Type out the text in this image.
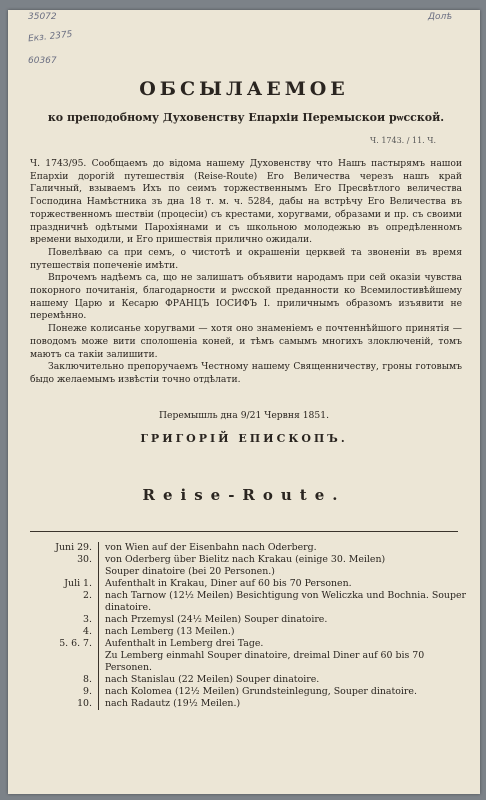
35072
Екз. 2375
60367
Долѣ
ОБСЫЛАЕМОЕ
ко преподобному Духовенству Епархіи Перемыскои рѡсской.
Ч. 1743. / 11. Ч.

Ч. 1743/95. Сообщаемъ до відома нашему Духовенству что Нашъ пастырямъ нашои Епархіи дорогій путешествія (Reise-Route) Его Величества черезъ нашъ край Галичный, взываемъ Ихъ по сеимъ торжественнымъ Его Пресвѣтлого величества Господина Намѣстника зъ дна 18 т. м. ч. 5284, дабы на встрѣчу Его Величества въ торжественномъ шествіи (процесіи) съ крестами, хоругвами, образами и пр. съ своими праздничнѣ одѣтыми Парохіянами и съ школьною молодежью въ опредѣленномъ времени выходили, и Его пришествія прилично ожидали.

Повелѣваю са при семъ, о чистотѣ и окрашеніи церквей та звоненіи въ время путешествія попеченіе имѣти.

Впрочемъ надѣемъ са, що не залишатъ объявити народамъ при сей оказіи чувства покорного почитанія, благодарности и рѡсской преданности ко Всемилостивѣйшему нашему Царю и Кесарю ФРАНЦЪ ІОСИФЪ І. приличнымъ образомъ изъявити не перемѣнно.

Понеже колисанье хоругвами — хотя оно знаменіемъ е почтеннѣйшого принятія — поводомъ може вити сполошеніа коней, и тѣмъ самымъ многихъ злоключеній, томъ маютъ са такіи залишити.

Заключительно препоручаемъ Честному нашему Священничеству, гроны готовымъ быдо желаемымъ извѣстіи точно отдѣлати.

Перемышль дна 9/21 Червня 1851.
ГРИГОРІЙ ЕПИСКОПЪ.
Reise-Route.
Juni 29.	von Wien auf der Eisenbahn nach Oderberg.
30.	von Oderberg über Bielitz nach Krakau (einige 30. Meilen)
	Souper dinatoire (bei 20 Personen.)
Juli 1.	Aufenthalt in Krakau, Diner auf 60 bis 70 Personen.
2.	nach Tarnow (12½ Meilen) Besichtigung von Weliczka und Bochnia. Souper dinatoire.
3.	nach Przemysl (24½ Meilen) Souper dinatoire.
4.	nach Lemberg (13 Meilen.)
5. 6. 7.	Aufenthalt in Lemberg drei Tage.
	Zu Lemberg einmahl Souper dinatoire, dreimal Diner auf 60 bis 70 Personen.
8.	nach Stanislau (22 Meilen) Souper dinatoire.
9.	nach Kolomea (12½ Meilen) Grundsteinlegung, Souper dinatoire.
10.	nach Radautz (19½ Meilen.)
